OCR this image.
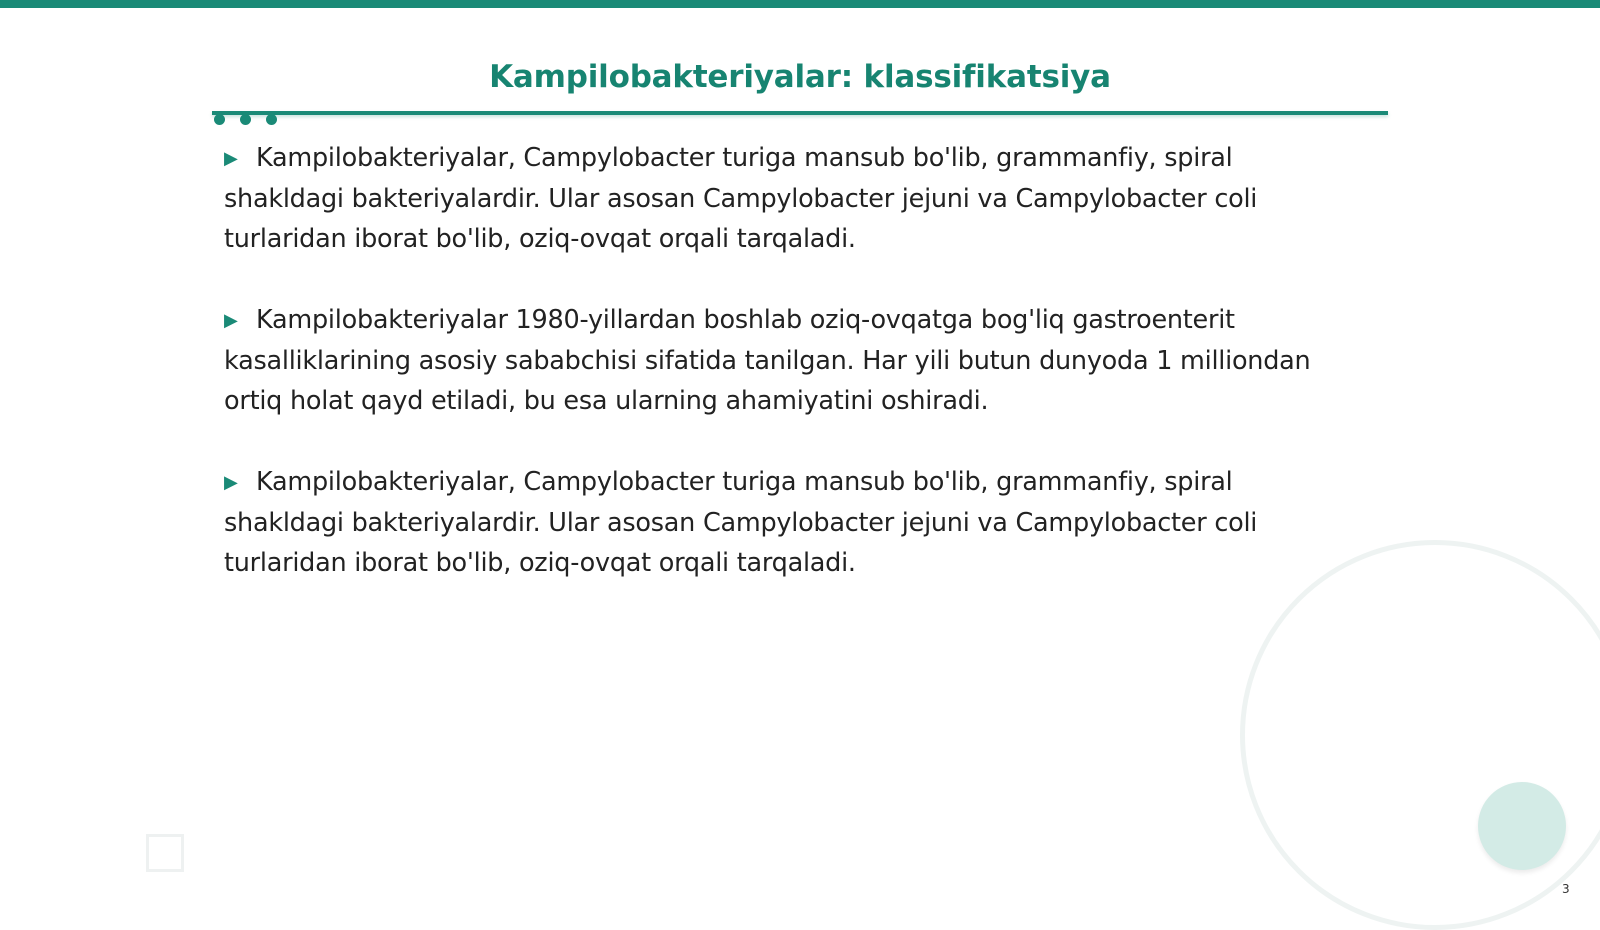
Kampilobakteriyalar: klassifikatsiya
▶ Kampilobakteriyalar, Campylobacter turiga mansub bo'lib, grammanfiy, spiral shakldagi bakteriyalardir. Ular asosan Campylobacter jejuni va Campylobacter coli turlaridan iborat bo'lib, oziq-ovqat orqali tarqaladi.
▶ Kampilobakteriyalar 1980-yillardan boshlab oziq-ovqatga bog'liq gastroenterit kasalliklarining asosiy sababchisi sifatida tanilgan. Har yili butun dunyoda 1 milliondan ortiq holat qayd etiladi, bu esa ularning ahamiyatini oshiradi.
▶ Kampilobakteriyalar, Campylobacter turiga mansub bo'lib, grammanfiy, spiral shakldagi bakteriyalardir. Ular asosan Campylobacter jejuni va Campylobacter coli turlaridan iborat bo'lib, oziq-ovqat orqali tarqaladi.
3
